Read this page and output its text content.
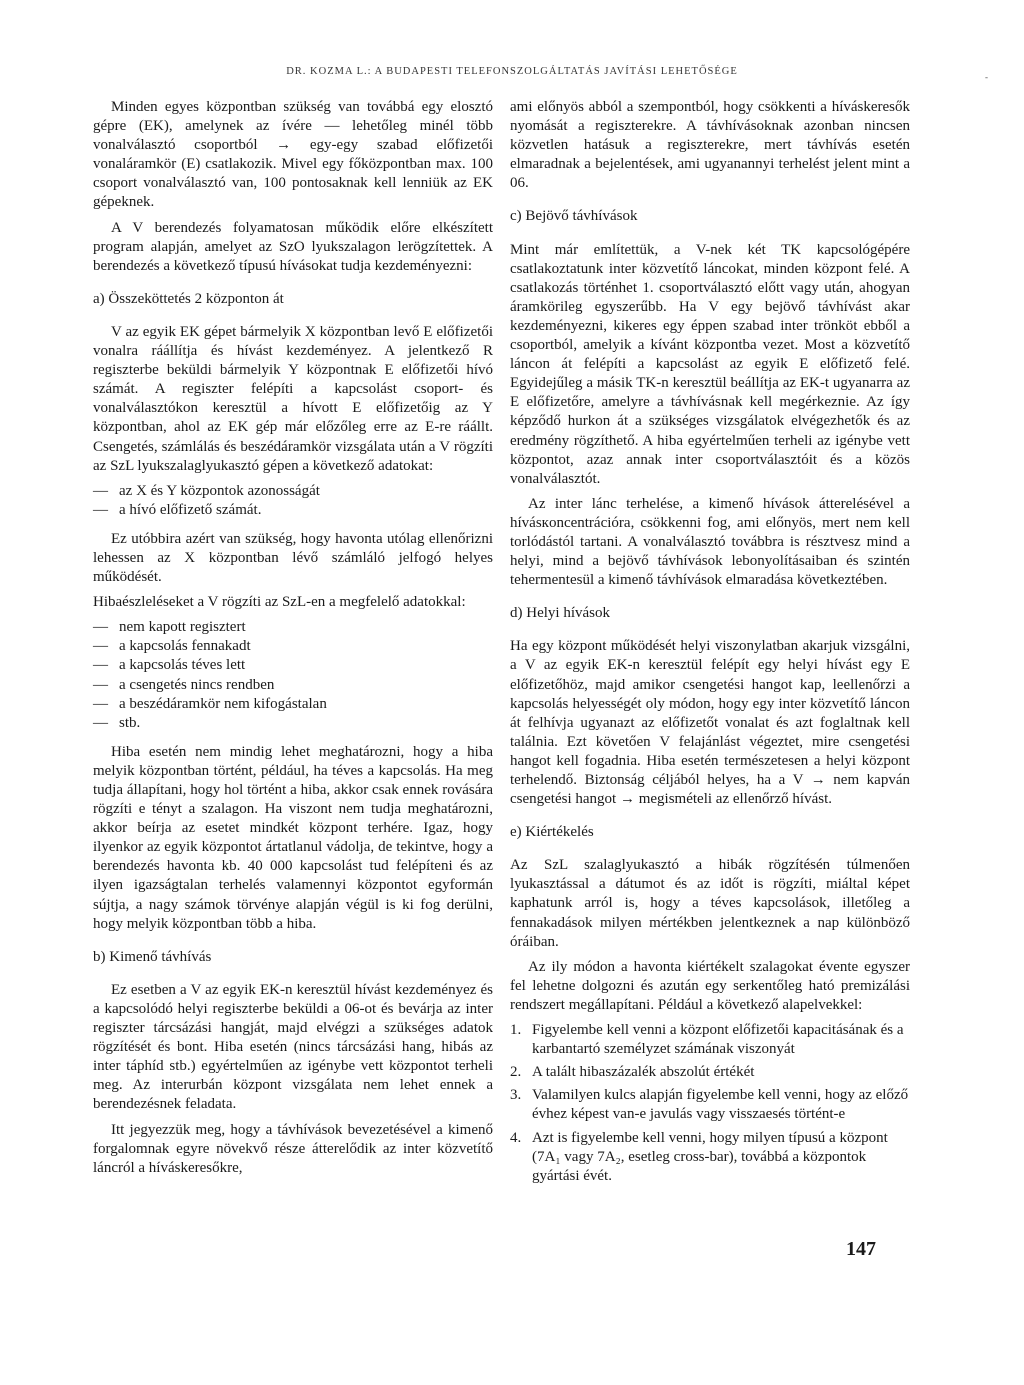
DR. KOZMA L.: A BUDAPESTI TELEFONSZOLGÁLTATÁS JAVÍTÁSI LEHETŐSÉGE	-

Minden egyes központban szükség van továbbá egy elosztó gépre (EK), amelynek az ívére — lehetőleg minél több vonalválasztó csoportból → egy-egy szabad előfizetői vonaláramkör (E) csatlakozik. Mivel egy főközpontban max. 100 csoport vonalválasztó van, 100 pontosaknak kell lenniük az EK gépeknek.

A V berendezés folyamatosan működik előre elkészített program alapján, amelyet az SzO lyukszalagon lerögzítettek. A berendezés a következő típusú hívásokat tudja kezdeményezni:

a) Összeköttetés 2 központon át

V az egyik EK gépet bármelyik X központban levő E előfizetői vonalra ráállítja és hívást kezdeményez. A jelentkező R regiszterbe beküldi bármelyik Y központnak E előfizetői hívó számát. A regiszter felépíti a kapcsolást csoport- és vonalválasztókon keresztül a hívott E előfizetőig az Y központban, ahol az EK gép már előzőleg erre az E-re ráállt. Csengetés, számlálás és beszédáramkör vizsgálata után a V rögzíti az SzL lyukszalaglyukasztó gépen a következő adatokat:

— az X és Y központok azonosságát
— a hívó előfizető számát.

Ez utóbbira azért van szükség, hogy havonta utólag ellenőrizni lehessen az X központban lévő számláló jelfogó helyes működését.

Hibaészleléseket a V rögzíti az SzL-en a megfelelő adatokkal:

— nem kapott regisztert
— a kapcsolás fennakadt
— a kapcsolás téves lett
— a csengetés nincs rendben
— a beszédáramkör nem kifogástalan
— stb.

Hiba esetén nem mindig lehet meghatározni, hogy a hiba melyik központban történt, például, ha téves a kapcsolás. Ha meg tudja állapítani, hogy hol történt a hiba, akkor csak ennek rovására rögzíti e tényt a szalagon. Ha viszont nem tudja meghatározni, akkor beírja az esetet mindkét központ terhére. Igaz, hogy ilyenkor az egyik központot ártatlanul vádolja, de tekintve, hogy a berendezés havonta kb. 40 000 kapcsolást tud felépíteni és az ilyen igazságtalan terhelés valamennyi központot egyformán sújtja, a nagy számok törvénye alapján végül is ki fog derülni, hogy melyik központban több a hiba.

b) Kimenő távhívás

Ez esetben a V az egyik EK-n keresztül hívást kezdeményez és a kapcsolódó helyi regiszterbe beküldi a 06-ot és bevárja az inter regiszter tárcsázási hangját, majd elvégzi a szükséges adatok rögzítését és bont. Hiba esetén (nincs tárcsázási hang, hibás az inter táphíd stb.) egyértelműen az igénybe vett központot terheli meg. Az interurbán központ vizsgálata nem lehet ennek a berendezésnek feladata.

Itt jegyezzük meg, hogy a távhívások bevezetésével a kimenő forgalomnak egyre növekvő része átterelődik az inter közvetítő láncról a híváskeresőkre,

ami előnyös abból a szempontból, hogy csökkenti a híváskeresők nyomását a regiszterekre. A távhívásoknak azonban nincsen közvetlen hatásuk a regiszterekre, mert távhívás esetén elmaradnak a bejelentések, ami ugyanannyi terhelést jelent mint a 06.

c) Bejövő távhívások

Mint már említettük, a V-nek két TK kapcsológépére csatlakoztatunk inter közvetítő láncokat, minden központ felé. A csatlakozás történhet 1. csoportválasztó előtt vagy után, ahogyan áramkörileg egyszerűbb. Ha V egy bejövő távhívást akar kezdeményezni, kikeres egy éppen szabad inter trönköt ebből a csoportból, amelyik a kívánt központba vezet. Most a közvetítő láncon át felépíti a kapcsolást az egyik E előfizető felé. Egyidejűleg a másik TK-n keresztül beállítja az EK-t ugyanarra az E előfizetőre, amelyre a távhívásnak kell megérkeznie. Az így képződő hurkon át a szükséges vizsgálatok elvégezhetők és az eredmény rögzíthető. A hiba egyértelműen terheli az igénybe vett központot, azaz annak inter csoportválasztóit és a közös vonalválasztót.

Az inter lánc terhelése, a kimenő hívások átterelésével a hívásкoncentrációra, csökkenni fog, ami előnyös, mert nem kell torlódástól tartani. A vonalválasztó továbbra is résztvesz mind a helyi, mind a bejövő távhívások lebonyolításaiban és szintén tehermentesül a kimenő távhívások elmaradása következtében.

d) Helyi hívások

Ha egy központ működését helyi viszonylatban akarjuk vizsgálni, a V az egyik EK-n keresztül felépít egy helyi hívást egy E előfizetőhöz, majd amikor csengetési hangot kap, leellenőrzi a kapcsolás helyességét oly módon, hogy egy inter közvetítő láncon át felhívja ugyanazt az előfizetőt vonalat és azt foglaltnak kell találnia. Ezt követően V felajánlást végeztet, mire csengetési hangot kell fogadnia. Hiba esetén természetesen a helyi központ terhelendő. Biztonság céljából helyes, ha a V → nem kapván csengetési hangot → megismételi az ellenőrző hívást.

e) Kiértékelés

Az SzL szalaglyukasztó a hibák rögzítésén túlmenően lyukasztással a dátumot és az időt is rögzíti, miáltal képet kaphatunk arról is, hogy a téves kapcsolások, illetőleg a fennakadások milyen mértékben jelentkeznek a nap különböző óráiban.

Az ily módon a havonta kiértékelt szalagokat évente egyszer fel lehetne dolgozni és azután egy serkentőleg ható premizálási rendszert megállapítani. Például a következő alapelvekkel:

1. Figyelembe kell venni a központ előfizetői kapacitásának és a karbantartó személyzet számának viszonyát
2. A talált hibaszázalék abszolút értékét
3. Valamilyen kulcs alapján figyelembe kell venni, hogy az előző évhez képest van-e javulás vagy visszaesés történt-e
4. Azt is figyelembe kell venni, hogy milyen típusú a központ (7A₁ vagy 7A₂, esetleg cross-bar), továbbá a központok gyártási évét.
147
